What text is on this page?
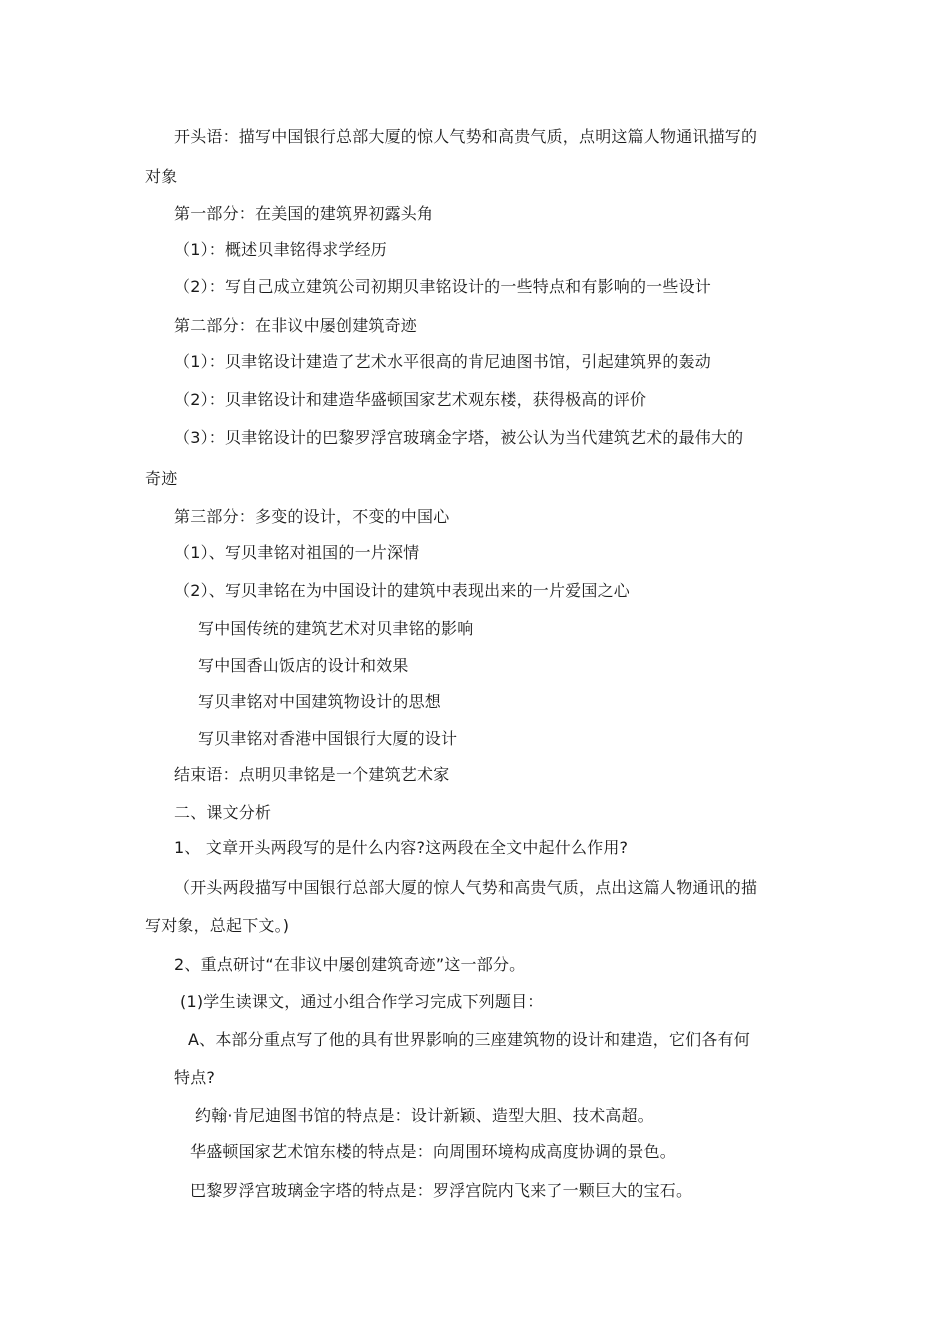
开头语：描写中国银行总部大厦的惊人气势和高贵气质，点明这篇人物通讯描写的
对象
第一部分：在美国的建筑界初露头角
（1）：概述贝聿铭得求学经历
（2）：写自己成立建筑公司初期贝聿铭设计的一些特点和有影响的一些设计
第二部分：在非议中屡创建筑奇迹
（1）：贝聿铭设计建造了艺术水平很高的肯尼迪图书馆，引起建筑界的轰动
（2）：贝聿铭设计和建造华盛顿国家艺术观东楼，获得极高的评价
（3）：贝聿铭设计的巴黎罗浮宫玻璃金字塔，被公认为当代建筑艺术的最伟大的
奇迹
第三部分：多变的设计，不变的中国心
（1）、写贝聿铭对祖国的一片深情
（2）、写贝聿铭在为中国设计的建筑中表现出来的一片爱国之心
写中国传统的建筑艺术对贝聿铭的影响
写中国香山饭店的设计和效果
写贝聿铭对中国建筑物设计的思想
写贝聿铭对香港中国银行大厦的设计
结束语：点明贝聿铭是一个建筑艺术家
二、课文分析
1、 文章开头两段写的是什么内容?这两段在全文中起什么作用?
（开头两段描写中国银行总部大厦的惊人气势和高贵气质，点出这篇人物通讯的描
写对象，总起下文。)
2、重点研讨“在非议中屡创建筑奇迹”这一部分。
(1)学生读课文，通过小组合作学习完成下列题目：
A、本部分重点写了他的具有世界影响的三座建筑物的设计和建造，它们各有何
特点?
约翰·肯尼迪图书馆的特点是：设计新颖、造型大胆、技术高超。
华盛顿国家艺术馆东楼的特点是：向周围环境构成高度协调的景色。
巴黎罗浮宫玻璃金字塔的特点是：罗浮宫院内飞来了一颗巨大的宝石。
